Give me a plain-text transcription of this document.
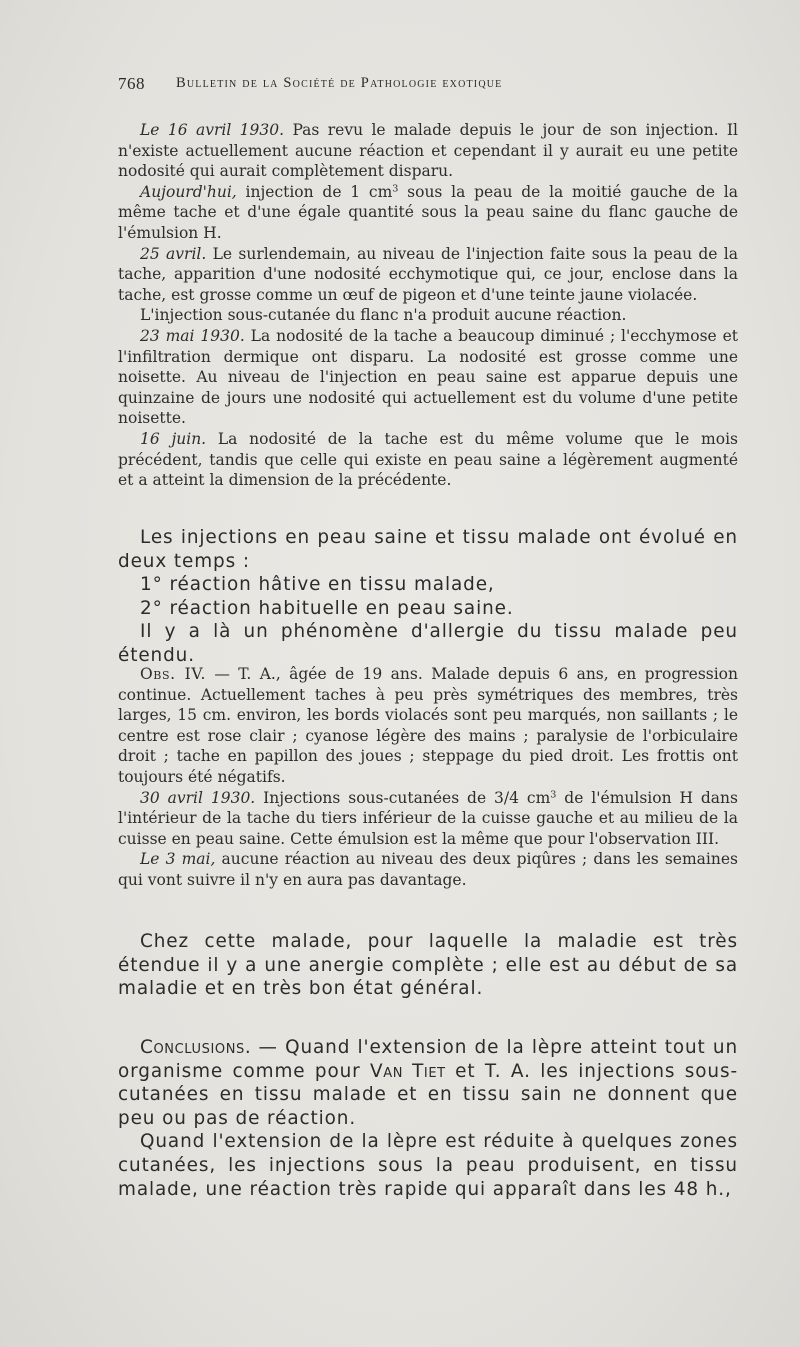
768 Bulletin de la Société de Pathologie exotique

Le 16 avril 1930. Pas revu le malade depuis le jour de son injection. Il n'existe actuellement aucune réaction et cependant il y aurait eu une petite nodosité qui aurait complètement disparu.

Aujourd'hui, injection de 1 $cm^3$ sous la peau de la moitié gauche de la même tache et d'une égale quantité sous la peau saine du flanc gauche de l'émulsion H.

25 avril. Le surlendemain, au niveau de l'injection faite sous la peau de la tache, apparition d'une nodosité ecchymotique qui, ce jour, enclose dans la tache, est grosse comme un œuf de pigeon et d'une teinte jaune violacée.

L'injection sous-cutanée du flanc n'a produit aucune réaction.

23 mai 1930. La nodosité de la tache a beaucoup diminué ; l'ecchymose et l'infiltration dermique ont disparu. La nodosité est grosse comme une noisette. Au niveau de l'injection en peau saine est apparue depuis une quinzaine de jours une nodosité qui actuellement est du volume d'une petite noisette.

16 juin. La nodosité de la tache est du même volume que le mois précédent, tandis que celle qui existe en peau saine a légèrement augmenté et a atteint la dimension de la précédente.

Les injections en peau saine et tissu malade ont évolué en deux temps :

1° réaction hâtive en tissu malade,

2° réaction habituelle en peau saine.

Il y a là un phénomène d'allergie du tissu malade peu étendu.

Obs. IV. — T. A., âgée de 19 ans. Malade depuis 6 ans, en progression continue. Actuellement taches à peu près symétriques des membres, très larges, 15 cm. environ, les bords violacés sont peu marqués, non saillants ; le centre est rose clair ; cyanose légère des mains ; paralysie de l'orbiculaire droit ; tache en papillon des joues ; steppage du pied droit. Les frottis ont toujours été négatifs.

30 avril 1930. Injections sous-cutanées de 3/4 $cm^3$ de l'émulsion H dans l'intérieur de la tache du tiers inférieur de la cuisse gauche et au milieu de la cuisse en peau saine. Cette émulsion est la même que pour l'observation III.

Le 3 mai, aucune réaction au niveau des deux piqûres ; dans les semaines qui vont suivre il n'y en aura pas davantage.

Chez cette malade, pour laquelle la maladie est très étendue il y a une anergie complète ; elle est au début de sa maladie et en très bon état général.

Conclusions. — Quand l'extension de la lèpre atteint tout un organisme comme pour Van Tiet et T. A. les injections sous-cutanées en tissu malade et en tissu sain ne donnent que peu ou pas de réaction.

Quand l'extension de la lèpre est réduite à quelques zones cutanées, les injections sous la peau produisent, en tissu malade, une réaction très rapide qui apparaît dans les 48 h.,
